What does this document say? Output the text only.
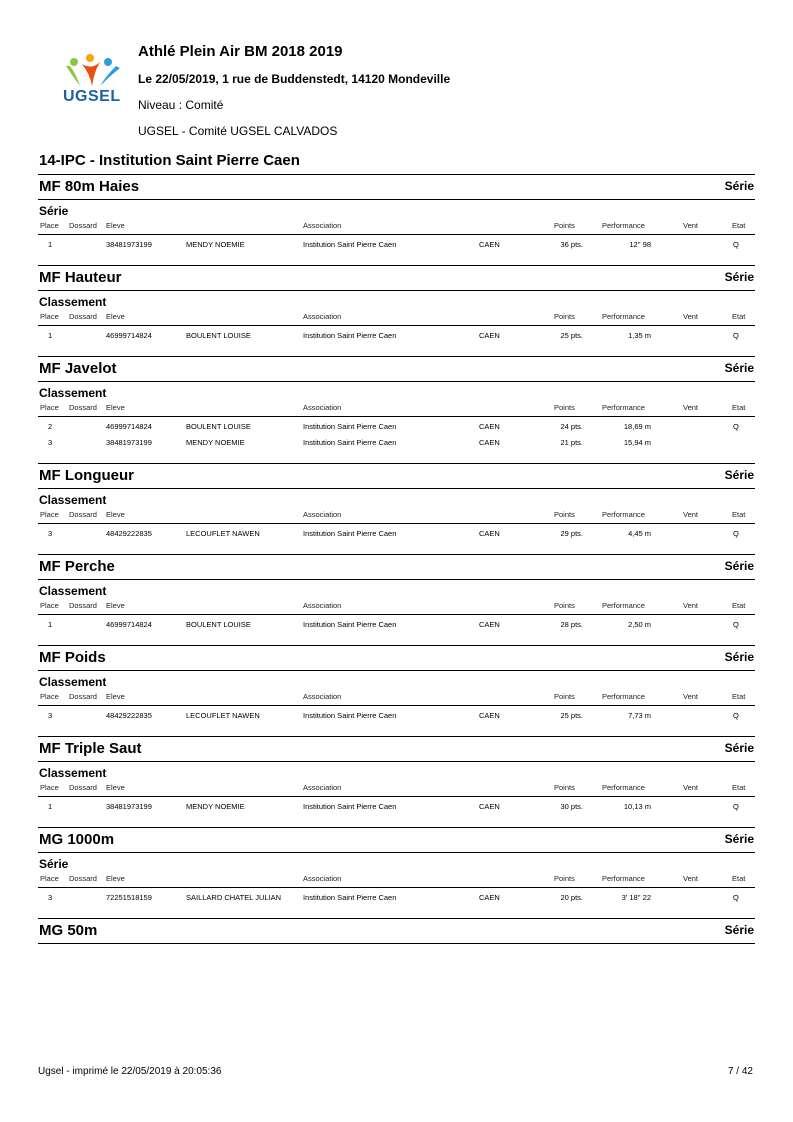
UGSEL
Athlé Plein Air BM 2018 2019
Le 22/05/2019, 1 rue de Buddenstedt, 14120 Mondeville
Niveau : Comité
UGSEL - Comité UGSEL CALVADOS
14-IPC - Institution Saint Pierre Caen
MF 80m Haies	Série
Série
Place Dossard Eleve	Association	Points	Performance	Vent	Etat
1	38481973199	MENDY NOEMIE	Institution Saint Pierre Caen	CAEN	36 pts.	12'' 98	Q
MF Hauteur	Série
Classement
Place Dossard Eleve	Association	Points	Performance	Vent	Etat
1	46999714824	BOULENT LOUISE	Institution Saint Pierre Caen	CAEN	25 pts.	1,35 m	Q
MF Javelot	Série
Classement
Place Dossard Eleve	Association	Points	Performance	Vent	Etat
2	46999714824	BOULENT LOUISE	Institution Saint Pierre Caen	CAEN	24 pts.	18,69 m	Q
3	38481973199	MENDY NOEMIE	Institution Saint Pierre Caen	CAEN	21 pts.	15,94 m
MF Longueur	Série
Classement
Place Dossard Eleve	Association	Points	Performance	Vent	Etat
3	48429222835	LECOUFLET NAWEN	Institution Saint Pierre Caen	CAEN	29 pts.	4,45 m	Q
MF Perche	Série
Classement
Place Dossard Eleve	Association	Points	Performance	Vent	Etat
1	46999714824	BOULENT LOUISE	Institution Saint Pierre Caen	CAEN	28 pts.	2,50 m	Q
MF Poids	Série
Classement
Place Dossard Eleve	Association	Points	Performance	Vent	Etat
3	48429222835	LECOUFLET NAWEN	Institution Saint Pierre Caen	CAEN	25 pts.	7,73 m	Q
MF Triple Saut	Série
Classement
Place Dossard Eleve	Association	Points	Performance	Vent	Etat
1	38481973199	MENDY NOEMIE	Institution Saint Pierre Caen	CAEN	30 pts.	10,13 m	Q
MG 1000m	Série
Série
Place Dossard Eleve	Association	Points	Performance	Vent	Etat
3	72251518159	SAILLARD CHATEL JULIAN	Institution Saint Pierre Caen	CAEN	20 pts.	3' 18'' 22	Q
MG 50m	Série
Ugsel - imprimé le 22/05/2019 à 20:05:36	7 / 42
